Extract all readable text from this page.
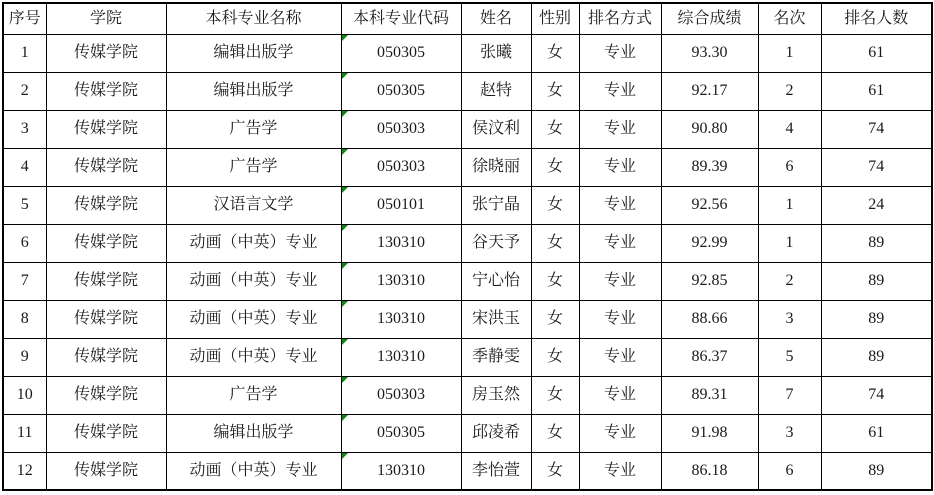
序号	学院	本科专业名称	本科专业代码	姓名	性别	排名方式	综合成绩	名次	排名人数
1	传媒学院	编辑出版学	050305	张曦	女	专业	93.30	1	61
2	传媒学院	编辑出版学	050305	赵特	女	专业	92.17	2	61
3	传媒学院	广告学	050303	侯汶利	女	专业	90.80	4	74
4	传媒学院	广告学	050303	徐晓丽	女	专业	89.39	6	74
5	传媒学院	汉语言文学	050101	张宁晶	女	专业	92.56	1	24
6	传媒学院	动画（中英）专业	130310	谷天予	女	专业	92.99	1	89
7	传媒学院	动画（中英）专业	130310	宁心怡	女	专业	92.85	2	89
8	传媒学院	动画（中英）专业	130310	宋洪玉	女	专业	88.66	3	89
9	传媒学院	动画（中英）专业	130310	季静雯	女	专业	86.37	5	89
10	传媒学院	广告学	050303	房玉然	女	专业	89.31	7	74
11	传媒学院	编辑出版学	050305	邱凌希	女	专业	91.98	3	61
12	传媒学院	动画（中英）专业	130310	李怡萱	女	专业	86.18	6	89
